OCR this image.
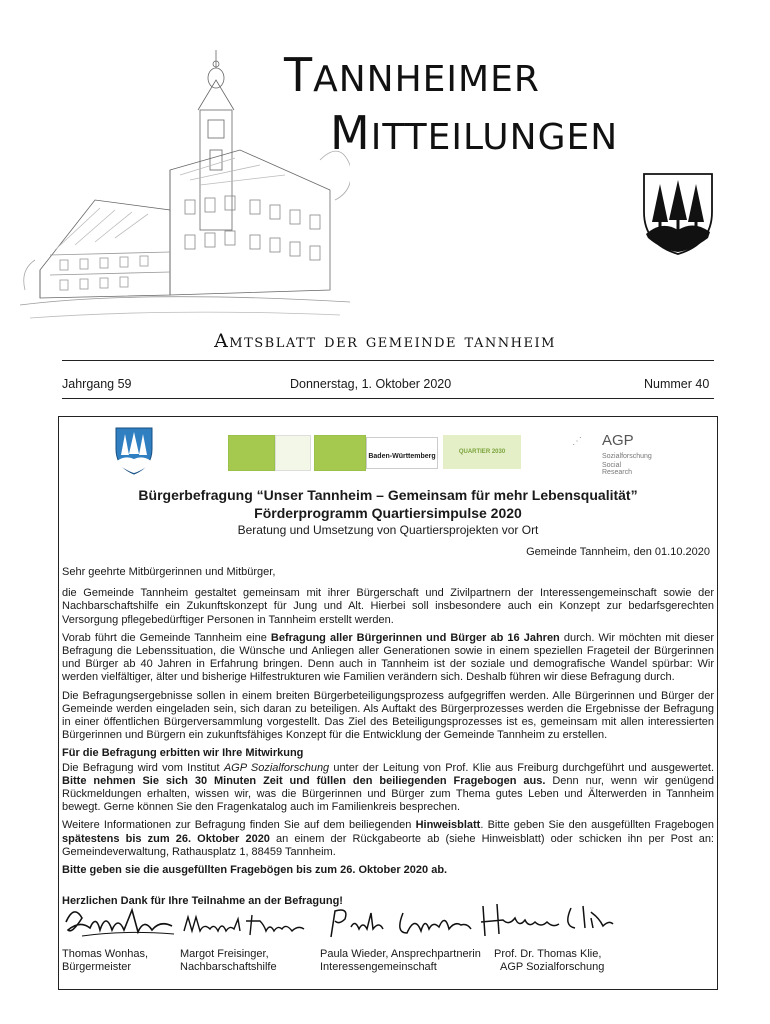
TANNHEIMER
MITTEILUNGEN
Amtsblatt der gemeinde tannheim
Jahrgang 59	Donnerstag, 1. Oktober 2020	Nummer 40
Baden-Württemberg
QUARTIER 2030
⋰ AGP
Sozialforschung
Social Research
Bürgerbefragung “Unser Tannheim – Gemeinsam für mehr Lebensqualität”
Förderprogramm Quartiersimpulse 2020
Beratung und Umsetzung von Quartiersprojekten vor Ort
Gemeinde Tannheim, den 01.10.2020

Sehr geehrte Mitbürgerinnen und Mitbürger,

die Gemeinde Tannheim gestaltet gemeinsam mit ihrer Bürgerschaft und Zivilpartnern der Interessengemeinschaft sowie der Nachbarschaftshilfe ein Zukunftskonzept für Jung und Alt. Hierbei soll insbesondere auch ein Konzept zur bedarfsgerechten Versorgung pflegebedürftiger Personen in Tannheim erstellt werden.

Vorab führt die Gemeinde Tannheim eine Befragung aller Bürgerinnen und Bürger ab 16 Jahren durch. Wir möchten mit dieser Befragung die Lebenssituation, die Wünsche und Anliegen aller Generationen sowie in einem speziellen Frageteil der Bürgerinnen und Bürger ab 40 Jahren in Erfahrung bringen. Denn auch in Tannheim ist der soziale und demografische Wandel spürbar: Wir werden vielfältiger, älter und bisherige Hilfestrukturen wie Familien verändern sich. Deshalb führen wir diese Befragung durch.

Die Befragungsergebnisse sollen in einem breiten Bürgerbeteiligungsprozess aufgegriffen werden. Alle Bürgerinnen und Bürger der Gemeinde werden eingeladen sein, sich daran zu beteiligen. Als Auftakt des Bürgerprozesses werden die Ergebnisse der Befragung in einer öffentlichen Bürgerversammlung vorgestellt. Das Ziel des Beteiligungsprozesses ist es, gemeinsam mit allen interessierten Bürgerinnen und Bürgern ein zukunftsfähiges Konzept für die Entwicklung der Gemeinde Tannheim zu erstellen.

Für die Befragung erbitten wir Ihre Mitwirkung

Die Befragung wird vom Institut AGP Sozialforschung unter der Leitung von Prof. Klie aus Freiburg durchgeführt und ausgewertet. Bitte nehmen Sie sich 30 Minuten Zeit und füllen den beiliegenden Fragebogen aus. Denn nur, wenn wir genügend Rückmeldungen erhalten, wissen wir, was die Bürgerinnen und Bürger zum Thema gutes Leben und Älterwerden in Tannheim bewegt. Gerne können Sie den Fragenkatalog auch im Familienkreis besprechen.

Weitere Informationen zur Befragung finden Sie auf dem beiliegenden Hinweisblatt. Bitte geben Sie den ausgefüllten Fragebogen spätestens bis zum 26. Oktober 2020 an einem der Rückgabeorte ab (siehe Hinweisblatt) oder schicken ihn per Post an: Gemeindeverwaltung, Rathausplatz 1, 88459 Tannheim.

Bitte geben sie die ausgefüllten Fragebögen bis zum 26. Oktober 2020 ab.

Herzlichen Dank für Ihre Teilnahme an der Befragung!

Thomas Wonhas,
Bürgermeister
Margot Freisinger,
Nachbarschaftshilfe
Paula Wieder, Ansprechpartnerin
Interessengemeinschaft
Prof. Dr. Thomas Klie,
AGP Sozialforschung
